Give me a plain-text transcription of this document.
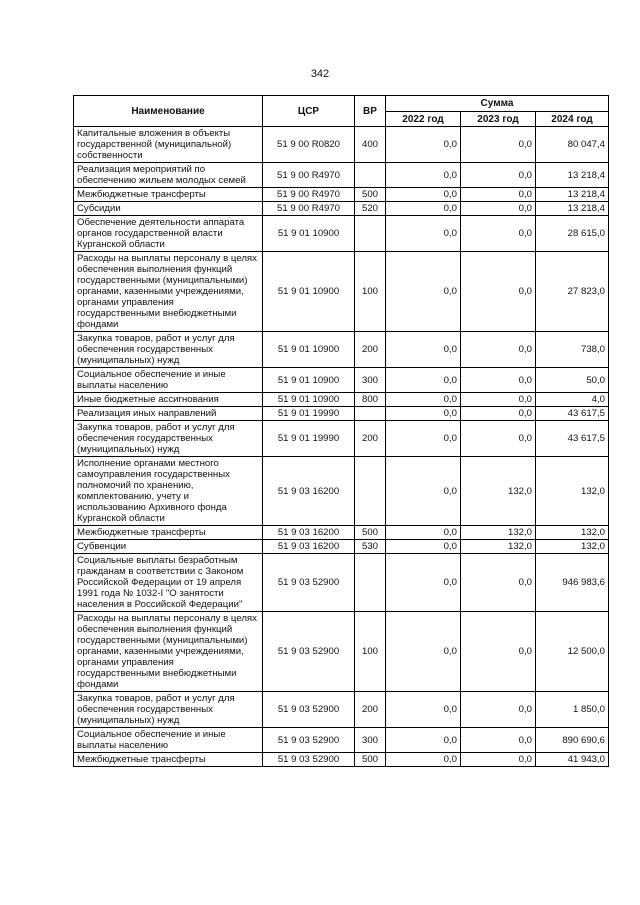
342
Наименование	ЦСР	ВР	Сумма		
			2022 год	2023 год	2024 год
Капитальные вложения в объекты государственной (муниципальной) собственности	51 9 00 R0820	400	0,0	0,0	80 047,4
Реализация мероприятий по обеспечению жильем молодых семей	51 9 00 R4970		0,0	0,0	13 218,4
Межбюджетные трансферты	51 9 00 R4970	500	0,0	0,0	13 218,4
Субсидии	51 9 00 R4970	520	0,0	0,0	13 218,4
Обеспечение деятельности аппарата органов государственной власти Курганской области	51 9 01 10900		0,0	0,0	28 615,0
Расходы на выплаты персоналу в целях обеспечения выполнения функций государственными (муниципальными) органами, казенными учреждениями, органами управления государственными внебюджетными фондами	51 9 01 10900	100	0,0	0,0	27 823,0
Закупка товаров, работ и услуг для обеспечения государственных (муниципальных) нужд	51 9 01 10900	200	0,0	0,0	738,0
Социальное обеспечение и иные выплаты населению	51 9 01 10900	300	0,0	0,0	50,0
Иные бюджетные ассигнования	51 9 01 10900	800	0,0	0,0	4,0
Реализация иных направлений	51 9 01 19990		0,0	0,0	43 617,5
Закупка товаров, работ и услуг для обеспечения государственных (муниципальных) нужд	51 9 01 19990	200	0,0	0,0	43 617,5
Исполнение органами местного самоуправления государственных полномочий по хранению, комплектованию, учету и использованию Архивного фонда Курганской области	51 9 03 16200		0,0	132,0	132,0
Межбюджетные трансферты	51 9 03 16200	500	0,0	132,0	132,0
Субвенции	51 9 03 16200	530	0,0	132,0	132,0
Социальные выплаты безработным гражданам в соответствии с Законом Российской Федерации от 19 апреля 1991 года № 1032-I "О занятости населения в Российской Федерации"	51 9 03 52900		0,0	0,0	946 983,6
Расходы на выплаты персоналу в целях обеспечения выполнения функций государственными (муниципальными) органами, казенными учреждениями, органами управления государственными внебюджетными фондами	51 9 03 52900	100	0,0	0,0	12 500,0
Закупка товаров, работ и услуг для обеспечения государственных (муниципальных) нужд	51 9 03 52900	200	0,0	0,0	1 850,0
Социальное обеспечение и иные выплаты населению	51 9 03 52900	300	0,0	0,0	890 690,6
Межбюджетные трансферты	51 9 03 52900	500	0,0	0,0	41 943,0
